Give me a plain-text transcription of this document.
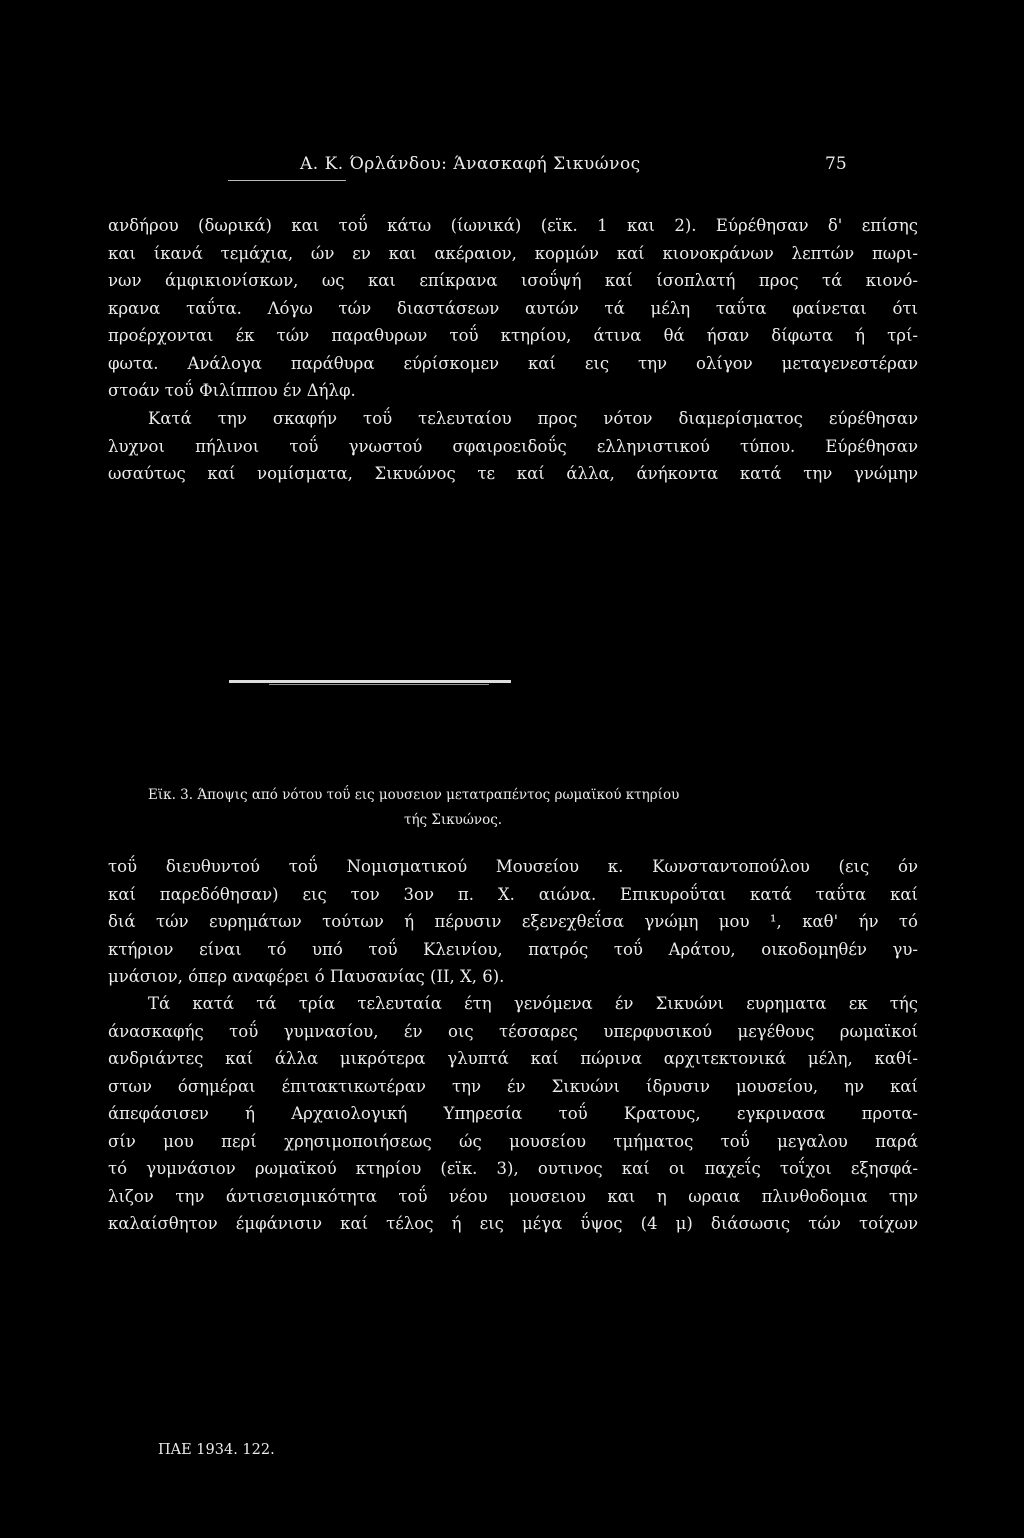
Α. Κ. Όρλάνδου: Άνασκαφή Σικυώνος	75
ανδήρου (δωρικά) και τοΰ κάτω (ίωνικά) (εϊκ. 1 και 2). Εύρέθησαν δ' επίσης
και ίκανά τεμάχια, ών εν και ακέραιον, κορμών καί κιονοκράνων λεπτών πωρι-
νων άμφικιονίσκων, ως και επίκρανα ισοΰψή καί ίσοπλατή προς τά κιονό-
κρανα ταΰτα. Λόγω τών διαστάσεων αυτών τά μέλη ταΰτα φαίνεται ότι
προέρχονται έκ τών παραθυρων τοΰ κτηρίου, άτινα θά ήσαν δίφωτα ή τρί-
φωτα. Ανάλογα παράθυρα εύρίσκομεν καί εις την ολίγον μεταγενεστέραν
στοάν τοΰ Φιλίππου έν Δήλφ.
Κατά την σκαφήν τοΰ τελευταίου προς νότον διαμερίσματος εύρέθησαν
λυχνοι πήλινοι τοΰ γνωστού σφαιροειδοΰς ελληνιστικού τύπου. Εύρέθησαν
ωσαύτως καί νομίσματα, Σικυώνος τε καί άλλα, άνήκοντα κατά την γνώμην
Εϊκ. 3. Άποψις από νότου τοΰ εις μουσειον μετατραπέντος ρωμαϊκού κτηρίου
τής Σικυώνος.
τοΰ διευθυντού τοΰ Νομισματικού Μουσείου κ. Κωνσταντοπούλου (εις όν
καί παρεδόθησαν) εις τον 3ον π. Χ. αιώνα. Επικυροΰται κατά ταΰτα καί
διά τών ευρημάτων τούτων ή πέρυσιν εξενεχθεΐσα γνώμη μου ¹, καθ' ήν τό
κτήριον είναι τό υπό τοΰ Κλεινίου, πατρός τοΰ Αράτου, οικοδομηθέν γυ-
μνάσιον, όπερ αναφέρει ό Παυσανίας (II, X, 6).
Τά κατά τά τρία τελευταία έτη γενόμενα έν Σικυώνι ευρηματα εκ τής
άνασκαφής τοΰ γυμνασίου, έν οις τέσσαρες υπερφυσικού μεγέθους ρωμαϊκοί
ανδριάντες καί άλλα μικρότερα γλυπτά καί πώρινα αρχιτεκτονικά μέλη, καθί-
στων όσημέραι έπιτακτικωτέραν την έν Σικυώνι ίδρυσιν μουσείου, ην καί
άπεφάσισεν ή Αρχαιολογική Υπηρεσία τοΰ Κρατους, εγκρινασα προτα-
σίν μου περί χρησιμοποιήσεως ώς μουσείου τμήματος τοΰ μεγαλου παρά
τό γυμνάσιον ρωμαϊκού κτηρίου (εϊκ. 3), ουτινος καί οι παχεΐς τοΐχοι εξησφά-
λιζον την άντισεισμικότητα τοΰ νέου μουσειου και η ωραια πλινθοδομια την
καλαίσθητον έμφάνισιν καί τέλος ή εις μέγα ΰψος (4 μ) διάσωσις τών τοίχων
ΠΑΕ 1934. 122.
